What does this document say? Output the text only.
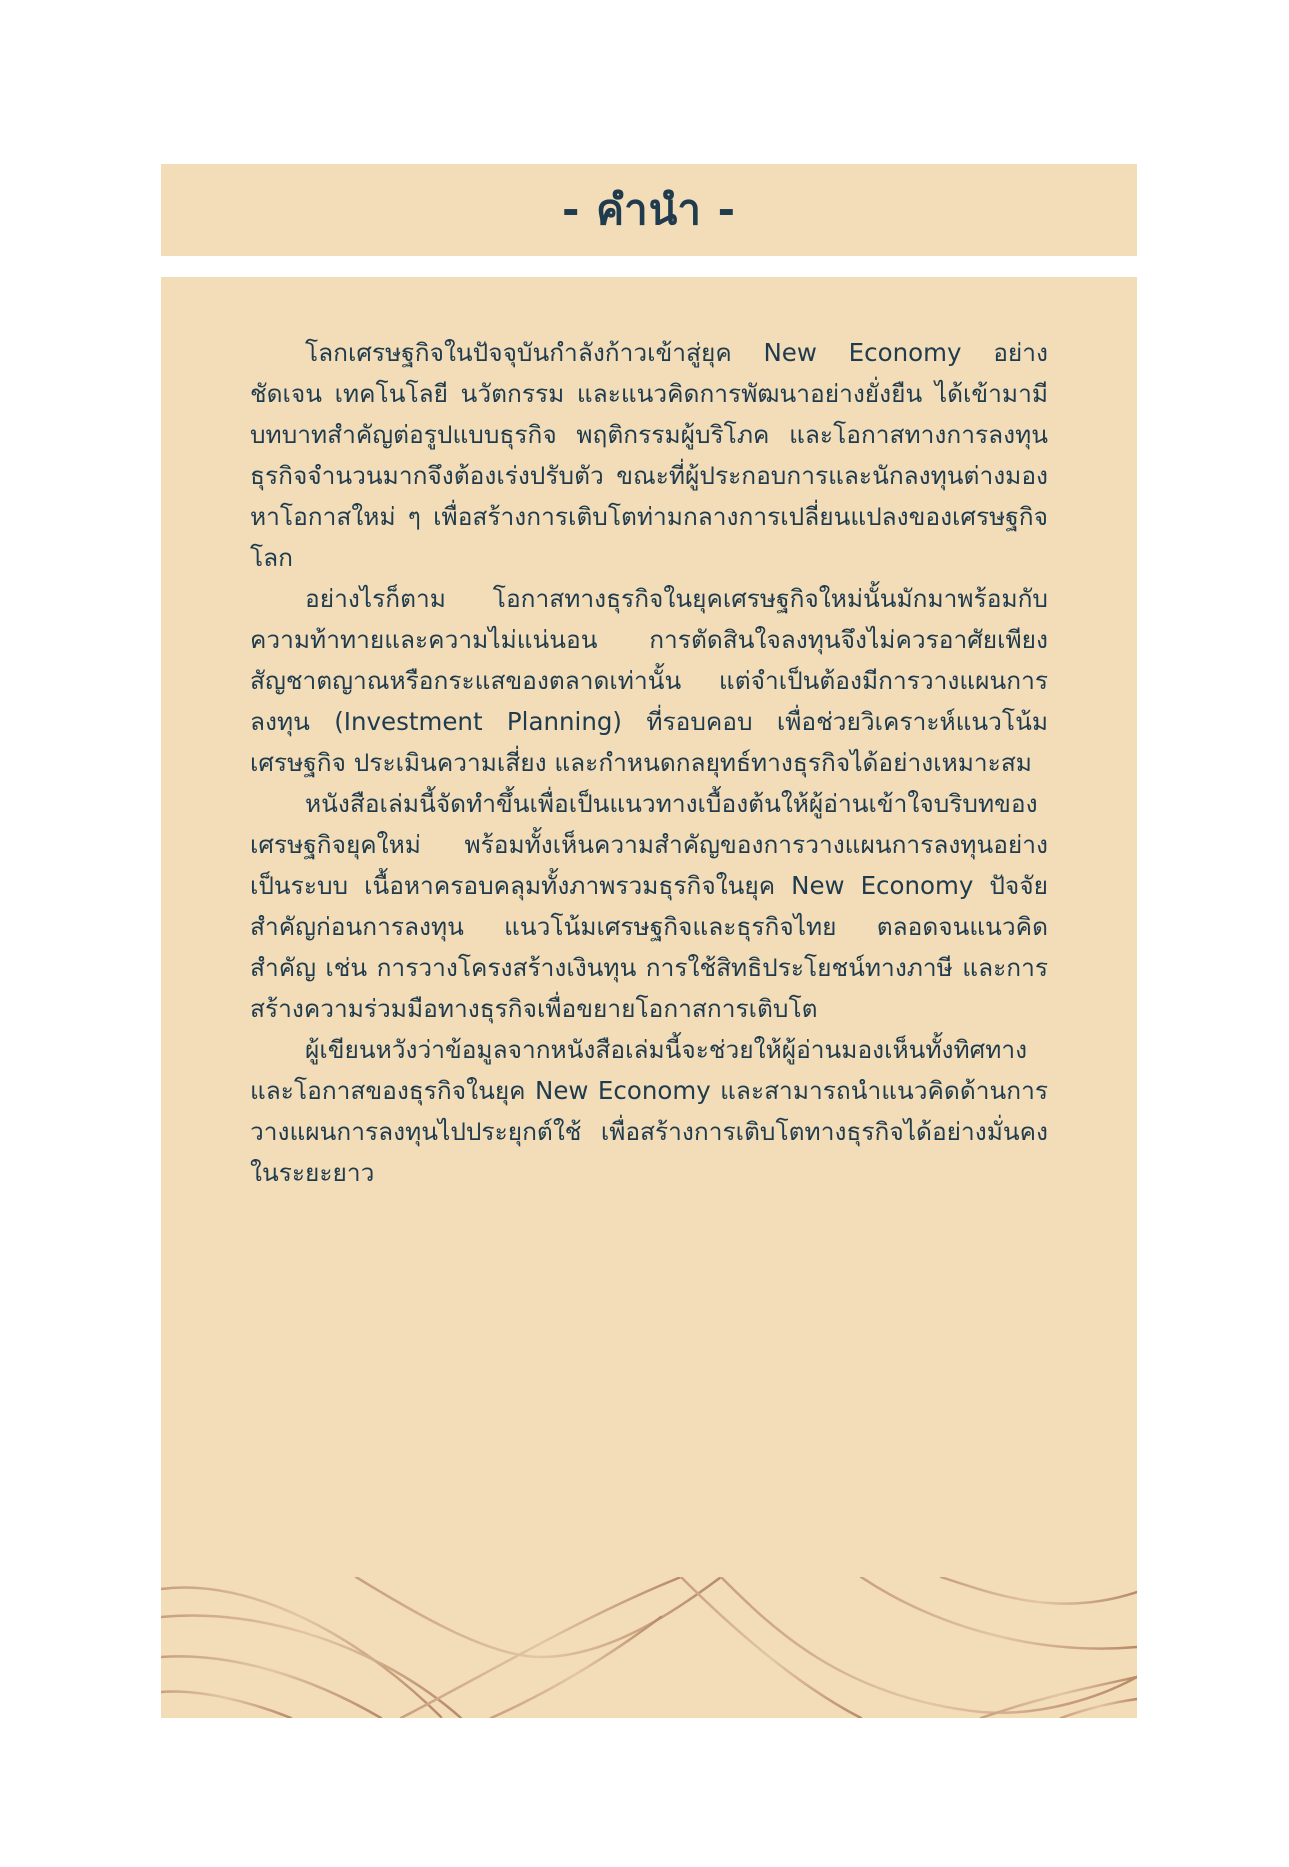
- คำนำ -

โลกเศรษฐกิจในปัจจุบันกำลังก้าวเข้าสู่ยุค New Economy อย่างชัดเจน เทคโนโลยี นวัตกรรม และแนวคิดการพัฒนาอย่างยั่งยืน ได้เข้ามามีบทบาทสำคัญต่อรูปแบบธุรกิจ พฤติกรรมผู้บริโภค และโอกาสทางการลงทุน ธุรกิจจำนวนมากจึงต้องเร่งปรับตัว ขณะที่ผู้ประกอบการและนักลงทุนต่างมองหาโอกาสใหม่ ๆ เพื่อสร้างการเติบโตท่ามกลางการเปลี่ยนแปลงของเศรษฐกิจโลก

อย่างไรก็ตาม โอกาสทางธุรกิจในยุคเศรษฐกิจใหม่นั้นมักมาพร้อมกับความท้าทายและความไม่แน่นอน การตัดสินใจลงทุนจึงไม่ควรอาศัยเพียงสัญชาตญาณหรือกระแสของตลาดเท่านั้น แต่จำเป็นต้องมีการวางแผนการลงทุน (Investment Planning) ที่รอบคอบ เพื่อช่วยวิเคราะห์แนวโน้มเศรษฐกิจ ประเมินความเสี่ยง และกำหนดกลยุทธ์ทางธุรกิจได้อย่างเหมาะสม

หนังสือเล่มนี้จัดทำขึ้นเพื่อเป็นแนวทางเบื้องต้นให้ผู้อ่านเข้าใจบริบทของเศรษฐกิจยุคใหม่ พร้อมทั้งเห็นความสำคัญของการวางแผนการลงทุนอย่างเป็นระบบ เนื้อหาครอบคลุมทั้งภาพรวมธุรกิจในยุค New Economy ปัจจัยสำคัญก่อนการลงทุน แนวโน้มเศรษฐกิจและธุรกิจไทย ตลอดจนแนวคิดสำคัญ เช่น การวางโครงสร้างเงินทุน การใช้สิทธิประโยชน์ทางภาษี และการสร้างความร่วมมือทางธุรกิจเพื่อขยายโอกาสการเติบโต

ผู้เขียนหวังว่าข้อมูลจากหนังสือเล่มนี้จะช่วยให้ผู้อ่านมองเห็นทั้งทิศทางและโอกาสของธุรกิจในยุค New Economy และสามารถนำแนวคิดด้านการวางแผนการลงทุนไปประยุกต์ใช้ เพื่อสร้างการเติบโตทางธุรกิจได้อย่างมั่นคงในระยะยาว
